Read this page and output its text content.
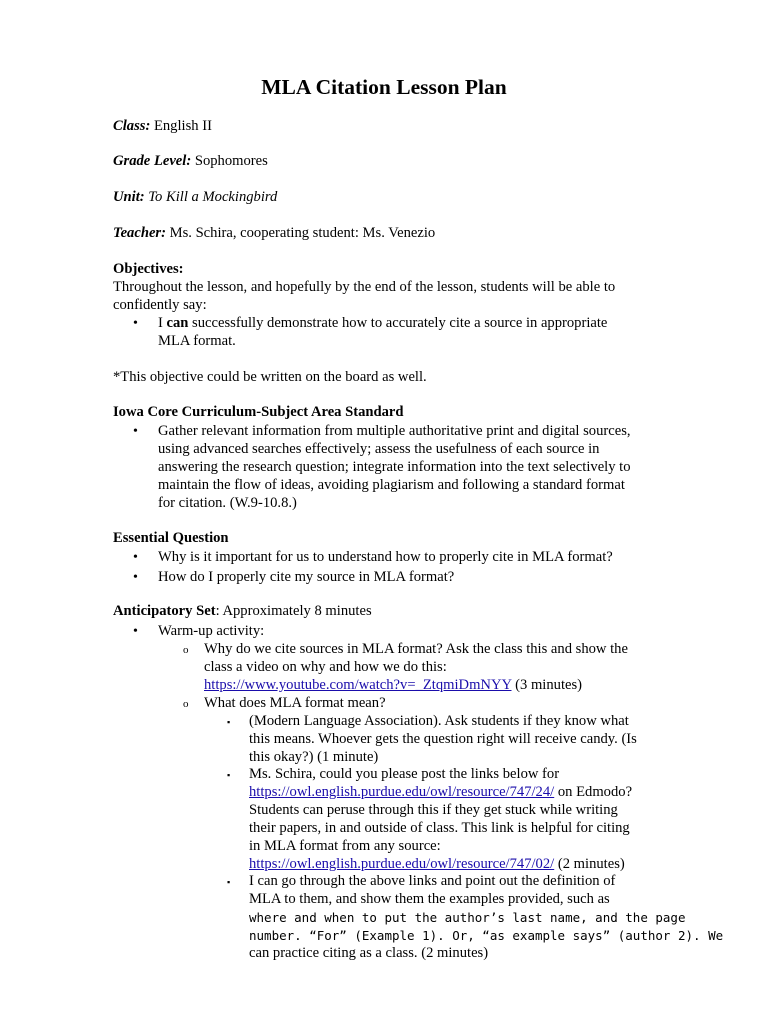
MLA Citation Lesson Plan
Class: English II
Grade Level: Sophomores
Unit: To Kill a Mockingbird
Teacher: Ms. Schira, cooperating student: Ms. Venezio
Objectives:
Throughout the lesson, and hopefully by the end of the lesson, students will be able to
confidently say:
• I can successfully demonstrate how to accurately cite a source in appropriate
MLA format.
*This objective could be written on the board as well.
Iowa Core Curriculum-Subject Area Standard
• Gather relevant information from multiple authoritative print and digital sources,
using advanced searches effectively; assess the usefulness of each source in
answering the research question; integrate information into the text selectively to
maintain the flow of ideas, avoiding plagiarism and following a standard format
for citation. (W.9-10.8.)
Essential Question
• Why is it important for us to understand how to properly cite in MLA format?
• How do I properly cite my source in MLA format?
Anticipatory Set: Approximately 8 minutes
• Warm-up activity:
o Why do we cite sources in MLA format? Ask the class this and show the
class a video on why and how we do this:
https://www.youtube.com/watch?v=_ZtqmiDmNYY (3 minutes)
o What does MLA format mean?
▪ (Modern Language Association). Ask students if they know what
this means. Whoever gets the question right will receive candy. (Is
this okay?) (1 minute)
▪ Ms. Schira, could you please post the links below for
https://owl.english.purdue.edu/owl/resource/747/24/ on Edmodo?
Students can peruse through this if they get stuck while writing
their papers, in and outside of class. This link is helpful for citing
in MLA format from any source:
https://owl.english.purdue.edu/owl/resource/747/02/ (2 minutes)
▪ I can go through the above links and point out the definition of
MLA to them, and show them the examples provided, such as
where and when to put the author’s last name, and the page
number. “For” (Example 1). Or, “as example says” (author 2). We
can practice citing as a class. (2 minutes)
